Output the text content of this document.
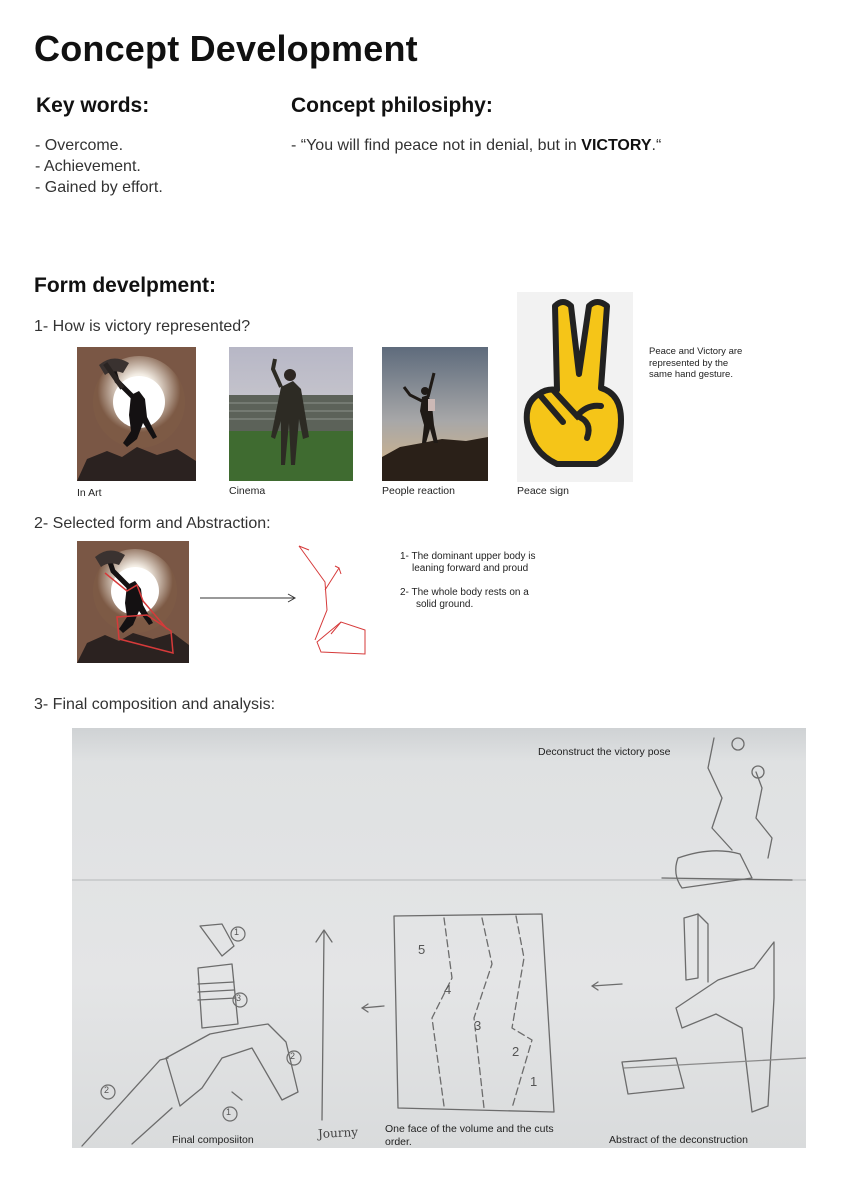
Concept Development
Key words:
- Overcome.
- Achievement.
- Gained by effort.
Concept philosiphy:
- “You will find peace not in denial, but in VICTORY.“
Form develpment:
1- How is victory represented?
In Art	Cinema	People reaction	Peace sign
Peace and Victory are represented by the same hand gesture.
2- Selected form and Abstraction:
1- The dominant upper body is
leaning forward and proud
2- The whole body rests on a
solid ground.
3- Final composition and analysis:
5
4
3
2
1
1
2
3
1
2
Deconstruct the victory pose
Final composiiton	Journy	One face of the volume and the cuts order.	Abstract of the deconstruction
